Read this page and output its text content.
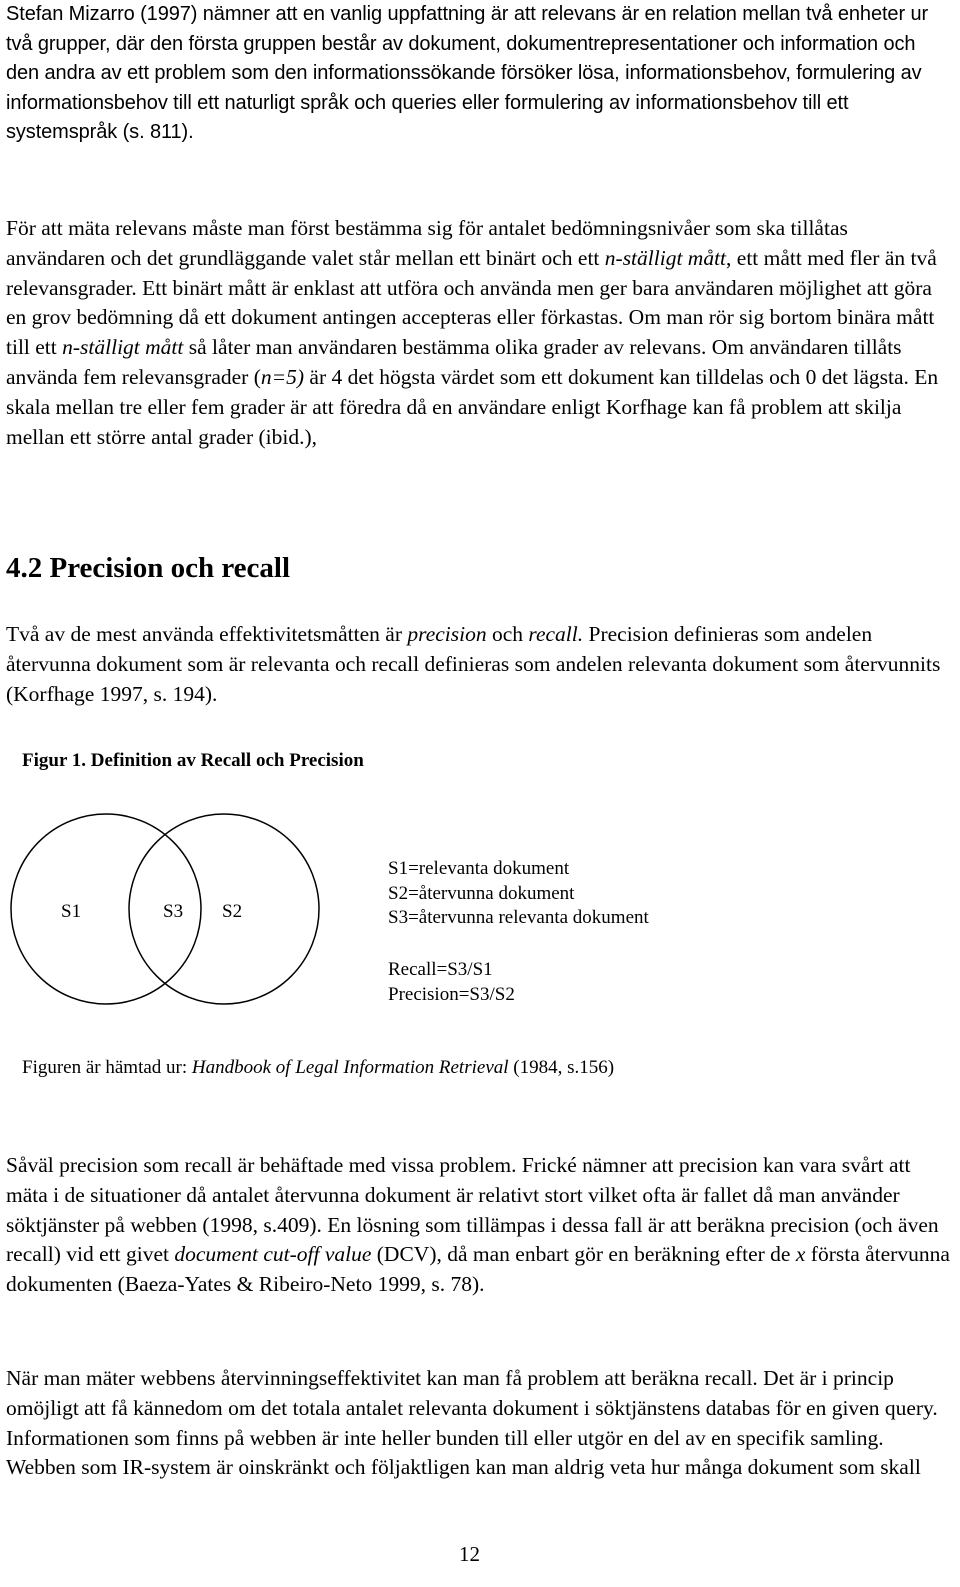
Stefan Mizarro (1997) nämner att en vanlig uppfattning är att relevans är en relation mellan två enheter ur två grupper, där den första gruppen består av dokument, dokumentrepresentationer och information och den andra av ett problem som den informationssökande försöker lösa, informationsbehov, formulering av informationsbehov till ett naturligt språk och queries eller formulering av informationsbehov till ett systemspråk (s. 811).

För att mäta relevans måste man först bestämma sig för antalet bedömningsnivåer som ska tillåtas användaren och det grundläggande valet står mellan ett binärt och ett n-ställigt mått, ett mått med fler än två relevansgrader. Ett binärt mått är enklast att utföra och använda men ger bara användaren möjlighet att göra en grov bedömning då ett dokument antingen accepteras eller förkastas. Om man rör sig bortom binära mått till ett n-ställigt mått så låter man användaren bestämma olika grader av relevans. Om användaren tillåts använda fem relevansgrader (n=5) är 4 det högsta värdet som ett dokument kan tilldelas och 0 det lägsta. En skala mellan tre eller fem grader är att föredra då en användare enligt Korfhage kan få problem att skilja mellan ett större antal grader (ibid.),

4.2 Precision och recall

Två av de mest använda effektivitetsmåtten är precision och recall. Precision definieras som andelen återvunna dokument som är relevanta och recall definieras som andelen relevanta dokument som återvunnits (Korfhage 1997, s. 194).

Figur 1. Definition av Recall och Precision

S1	S3 S2
S1=relevanta dokument
S2=återvunna dokument
S3=återvunna relevanta dokument
Recall=S3/S1
Precision=S3/S2

Figuren är hämtad ur: Handbook of Legal Information Retrieval (1984, s.156)

Såväl precision som recall är behäftade med vissa problem. Frické nämner att precision kan vara svårt att mäta i de situationer då antalet återvunna dokument är relativt stort vilket ofta är fallet då man använder söktjänster på webben (1998, s.409). En lösning som tillämpas i dessa fall är att beräkna precision (och även recall) vid ett givet document cut-off value (DCV), då man enbart gör en beräkning efter de x första återvunna dokumenten (Baeza-Yates & Ribeiro-Neto 1999, s. 78).

När man mäter webbens återvinningseffektivitet kan man få problem att beräkna recall. Det är i princip omöjligt att få kännedom om det totala antalet relevanta dokument i söktjänstens databas för en given query. Informationen som finns på webben är inte heller bunden till eller utgör en del av en specifik samling. Webben som IR-system är oinskränkt och följaktligen kan man aldrig veta hur många dokument som skall

12
